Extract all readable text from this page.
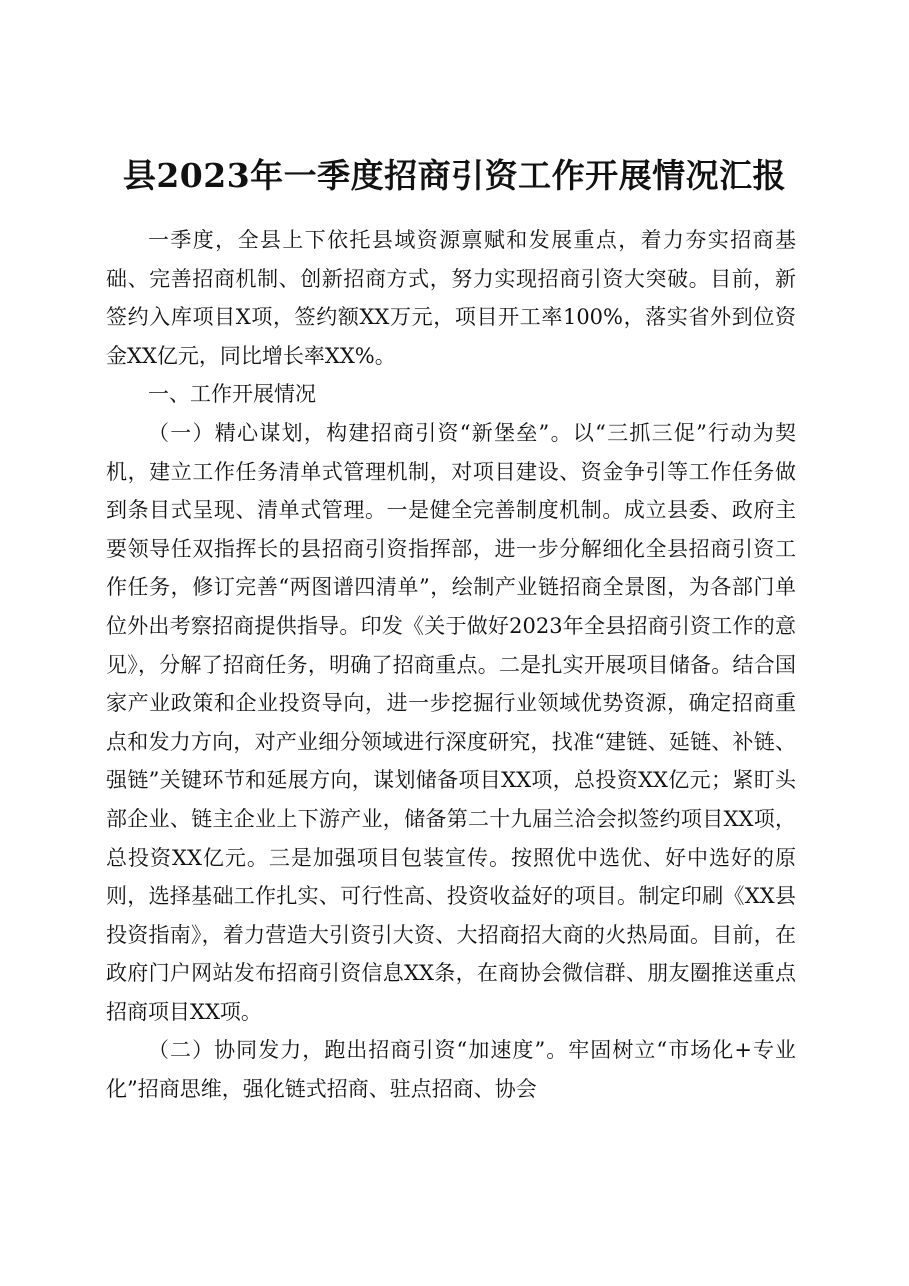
县2023年一季度招商引资工作开展情况汇报

一季度，全县上下依托县域资源禀赋和发展重点，着力夯实招商基础、完善招商机制、创新招商方式，努力实现招商引资大突破。目前，新签约入库项目X项，签约额XX万元，项目开工率100%，落实省外到位资金XX亿元，同比增长率XX%。

一、工作开展情况

（一）精心谋划，构建招商引资“新堡垒”。以“三抓三促”行动为契机，建立工作任务清单式管理机制，对项目建设、资金争引等工作任务做到条目式呈现、清单式管理。一是健全完善制度机制。成立县委、政府主要领导任双指挥长的县招商引资指挥部，进一步分解细化全县招商引资工作任务，修订完善“两图谱四清单”，绘制产业链招商全景图，为各部门单位外出考察招商提供指导。印发《关于做好2023年全县招商引资工作的意见》，分解了招商任务，明确了招商重点。二是扎实开展项目储备。结合国家产业政策和企业投资导向，进一步挖掘行业领域优势资源，确定招商重点和发力方向，对产业细分领域进行深度研究，找准“建链、延链、补链、强链”关键环节和延展方向，谋划储备项目XX项，总投资XX亿元；紧盯头部企业、链主企业上下游产业，储备第二十九届兰洽会拟签约项目XX项，总投资XX亿元。三是加强项目包装宣传。按照优中选优、好中选好的原则，选择基础工作扎实、可行性高、投资收益好的项目。制定印刷《XX县投资指南》，着力营造大引资引大资、大招商招大商的火热局面。目前，在政府门户网站发布招商引资信息XX条，在商协会微信群、朋友圈推送重点招商项目XX项。

（二）协同发力，跑出招商引资“加速度”。牢固树立“市场化+专业化”招商思维，强化链式招商、驻点招商、协会
